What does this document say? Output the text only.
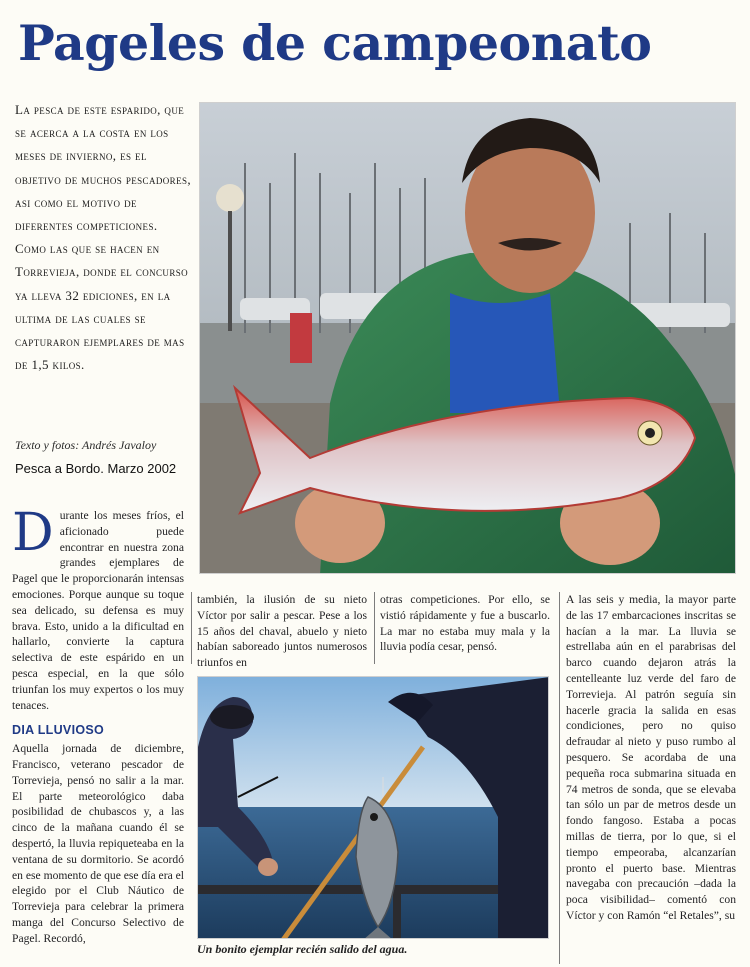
Pageles de campeonato

La pesca de este esparido, que se acerca a la costa en los meses de invierno, es el objetivo de muchos pescadores, asi como el motivo de diferentes competiciones.

Como las que se hacen en Torrevieja, donde el concurso ya lleva 32 ediciones, en la ultima de las cuales se capturaron ejemplares de mas de 1,5 kilos.

Texto y fotos: Andrés Javaloy
Pesca a Bordo. Marzo 2002

Durante los meses fríos, el aficionado puede encontrar en nuestra zona grandes ejemplares de Pagel que le proporcionarán intensas emociones. Porque aunque su toque sea delicado, su defensa es muy brava. Esto, unido a la dificultad en hallarlo, convierte la captura selectiva de este espárido en un pesca especial, en la que sólo triunfan los muy expertos o los muy tenaces.

DIA LLUVIOSO

Aquella jornada de diciembre, Francisco, veterano pescador de Torrevieja, pensó no salir a la mar. El parte meteorológico daba posibilidad de chubascos y, a las cinco de la mañana cuando él se despertó, la lluvia repiqueteaba en la ventana de su dormitorio. Se acordó en ese momento de que ese día era el elegido por el Club Náutico de Torrevieja para celebrar la primera manga del Concurso Selectivo de Pagel. Recordó,

también, la ilusión de su nieto Víctor por salir a pescar. Pese a los 15 años del chaval, abuelo y nieto habían saboreado juntos numerosos triunfos en

otras competiciones. Por ello, se vistió rápidamente y fue a buscarlo. La mar no estaba muy mala y la lluvia podía cesar, pensó.

A las seis y media, la mayor parte de las 17 embarcaciones inscritas se hacían a la mar. La lluvia se estrellaba aún en el parabrisas del barco cuando dejaron atrás la centelleante luz verde del faro de Torrevieja. Al patrón seguía sin hacerle gracia la salida en esas condiciones, pero no quiso defraudar al nieto y puso rumbo al pesquero. Se acordaba de una pequeña roca submarina situada en 74 metros de sonda, que se elevaba tan sólo un par de metros desde un fondo fangoso. Estaba a pocas millas de tierra, por lo que, si el tiempo empeoraba, alcanzarían pronto el puerto base. Mientras navegaba con precaución –dada la poca visibilidad– comentó con Víctor y con Ramón “el Retales”, su

Un bonito ejemplar recién salido del agua.
